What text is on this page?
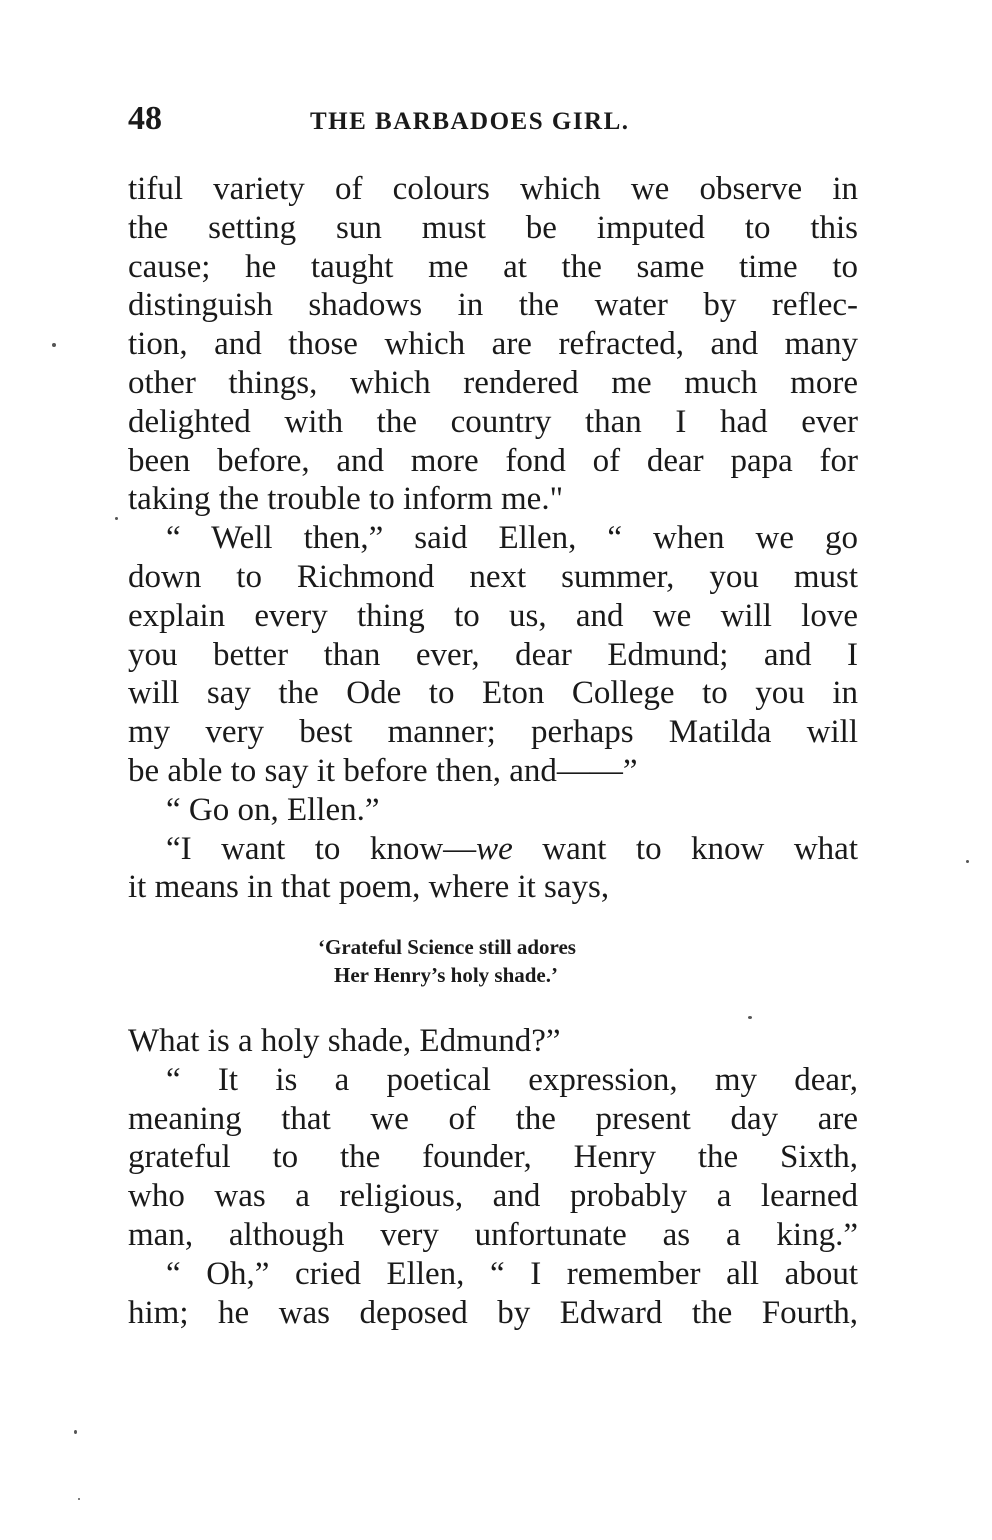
48	THE BARBADOES GIRL.
tiful variety of colours which we observe in
the setting sun must be imputed to this
cause; he taught me at the same time to
distinguish shadows in the water by reflec-
tion, and those which are refracted, and many
other things, which rendered me much more
delighted with the country than I had ever
been before, and more fond of dear papa for
taking the trouble to inform me."
“ Well then,” said Ellen, “ when we go
down to Richmond next summer, you must
explain every thing to us, and we will love
you better than ever, dear Edmund; and I
will say the Ode to Eton College to you in
my very best manner; perhaps Matilda will
be able to say it before then, and——”
“ Go on, Ellen.”
“I want to know—we want to know what
it means in that poem, where it says,
‘Grateful Science still adores
Her Henry’s holy shade.’
What is a holy shade, Edmund?”
“ It is a poetical expression, my dear,
meaning that we of the present day are
grateful to the founder, Henry the Sixth,
who was a religious, and probably a learned
man, although very unfortunate as a king.”
“ Oh,” cried Ellen, “ I remember all about
him; he was deposed by Edward the Fourth,
